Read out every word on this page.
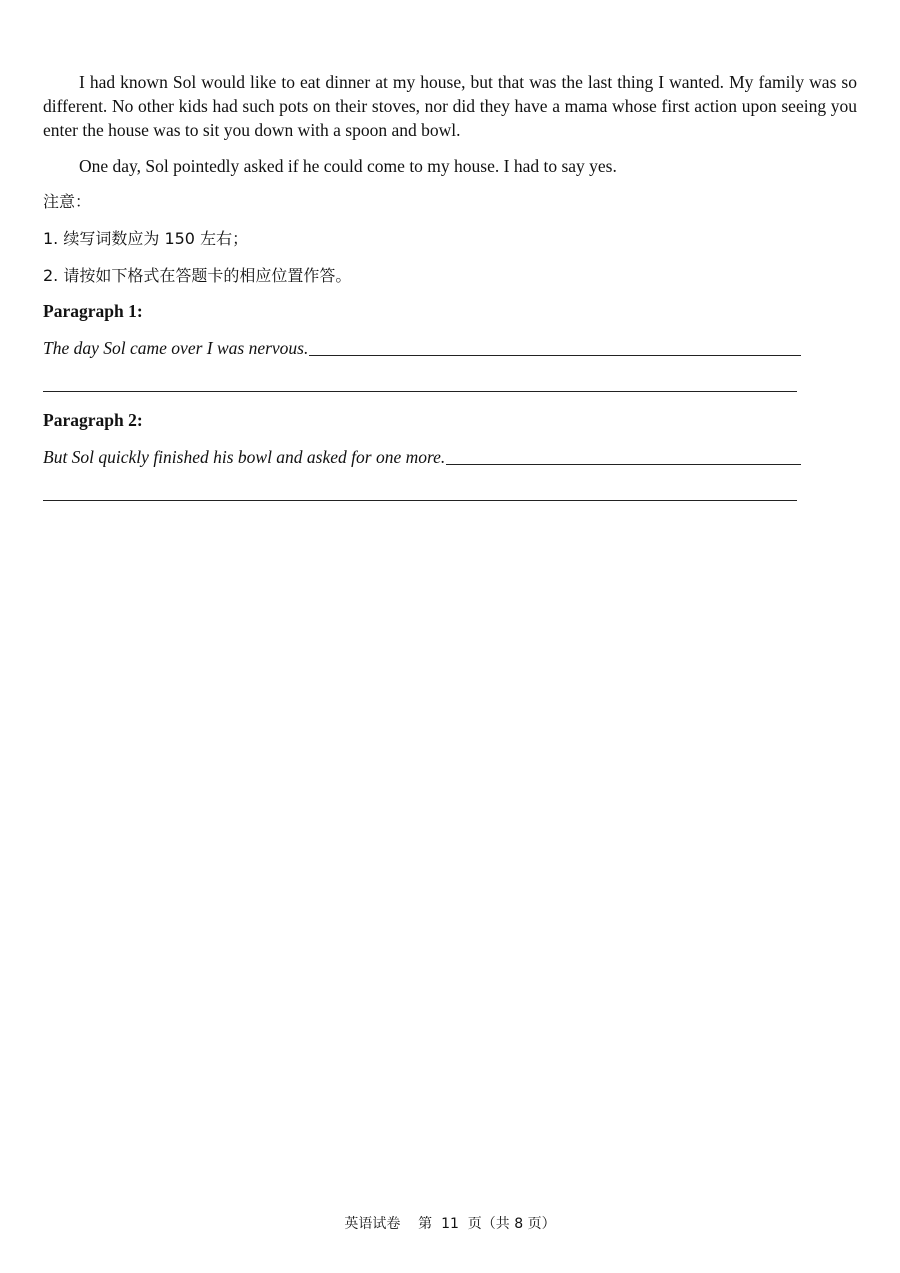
I had known Sol would like to eat dinner at my house, but that was the last thing I wanted. My family was so different. No other kids had such pots on their stoves, nor did they have a mama whose first action upon seeing you enter the house was to sit you down with a spoon and bowl.

One day, Sol pointedly asked if he could come to my house. I had to say yes.

注意：

1. 续写词数应为 150 左右；

2. 请按如下格式在答题卡的相应位置作答。

Paragraph 1:

The day Sol came over I was nervous.

Paragraph 2:

But Sol quickly finished his bowl and asked for one more.
英语试卷    第  11  页（共 8 页）
